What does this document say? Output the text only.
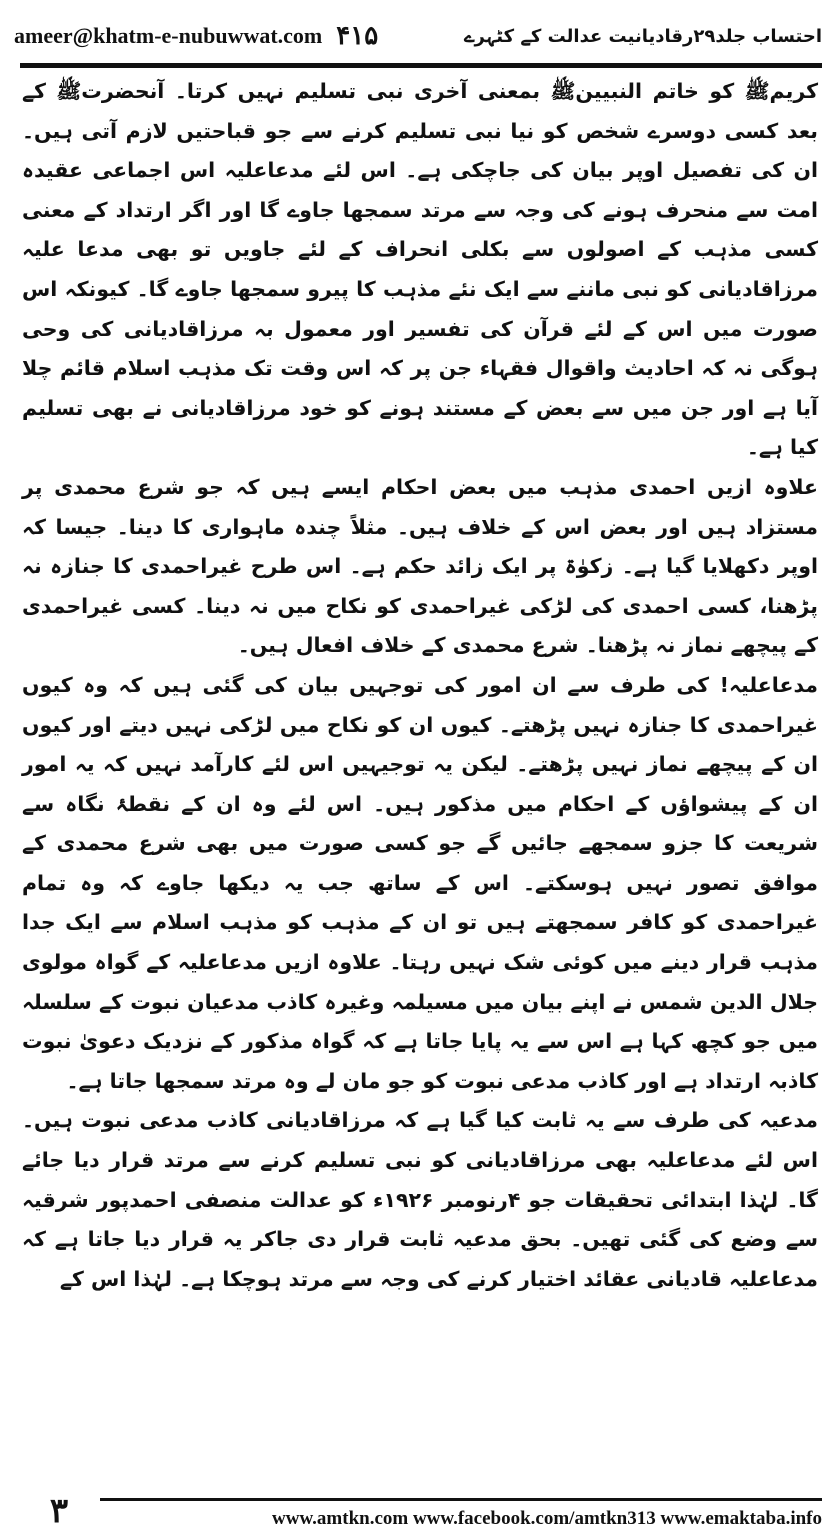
ameer@khatm-e-nubuwwat.com ۴۱۵	احتساب جلد۲۹رقادیانیت عدالت کے کٹہرے

کریمﷺ کو خاتم النبیینﷺ بمعنی آخری نبی تسلیم نہیں کرتا۔ آنحضرتﷺ کے بعد کسی دوسرے شخص کو نیا نبی تسلیم کرنے سے جو قباحتیں لازم آتی ہیں۔ ان کی تفصیل اوپر بیان کی جاچکی ہے۔ اس لئے مدعاعلیہ اس اجماعی عقیدہ امت سے منحرف ہونے کی وجہ سے مرتد سمجھا جاوے گا اور اگر ارتداد کے معنی کسی مذہب کے اصولوں سے بکلی انحراف کے لئے جاویں تو بھی مدعا علیہ مرزاقادیانی کو نبی ماننے سے ایک نئے مذہب کا پیرو سمجھا جاوے گا۔ کیونکہ اس صورت میں اس کے لئے قرآن کی تفسیر اور معمول بہ مرزاقادیانی کی وحی ہوگی نہ کہ احادیث واقوال فقہاء جن پر کہ اس وقت تک مذہب اسلام قائم چلا آیا ہے اور جن میں سے بعض کے مستند ہونے کو خود مرزاقادیانی نے بھی تسلیم کیا ہے۔

علاوہ ازیں احمدی مذہب میں بعض احکام ایسے ہیں کہ جو شرع محمدی پر مستزاد ہیں اور بعض اس کے خلاف ہیں۔ مثلاً چندہ ماہواری کا دینا۔ جیسا کہ اوپر دکھلایا گیا ہے۔ زکوٰۃ پر ایک زائد حکم ہے۔ اس طرح غیراحمدی کا جنازہ نہ پڑھنا، کسی احمدی کی لڑکی غیراحمدی کو نکاح میں نہ دینا۔ کسی غیراحمدی کے پیچھے نماز نہ پڑھنا۔ شرع محمدی کے خلاف افعال ہیں۔

مدعاعلیہ! کی طرف سے ان امور کی توجہیں بیان کی گئی ہیں کہ وہ کیوں غیراحمدی کا جنازہ نہیں پڑھتے۔ کیوں ان کو نکاح میں لڑکی نہیں دیتے اور کیوں ان کے پیچھے نماز نہیں پڑھتے۔ لیکن یہ توجیہیں اس لئے کارآمد نہیں کہ یہ امور ان کے پیشواؤں کے احکام میں مذکور ہیں۔ اس لئے وہ ان کے نقطۂ نگاہ سے شریعت کا جزو سمجھے جائیں گے جو کسی صورت میں بھی شرع محمدی کے موافق تصور نہیں ہوسکتے۔ اس کے ساتھ جب یہ دیکھا جاوے کہ وہ تمام غیراحمدی کو کافر سمجھتے ہیں تو ان کے مذہب کو مذہب اسلام سے ایک جدا مذہب قرار دینے میں کوئی شک نہیں رہتا۔ علاوہ ازیں مدعاعلیہ کے گواہ مولوی جلال الدین شمس نے اپنے بیان میں مسیلمہ وغیرہ کاذب مدعیان نبوت کے سلسلہ میں جو کچھ کہا ہے اس سے یہ پایا جاتا ہے کہ گواہ مذکور کے نزدیک دعویٰ نبوت کاذبہ ارتداد ہے اور کاذب مدعی نبوت کو جو مان لے وہ مرتد سمجھا جاتا ہے۔

مدعیہ کی طرف سے یہ ثابت کیا گیا ہے کہ مرزاقادیانی کاذب مدعی نبوت ہیں۔ اس لئے مدعاعلیہ بھی مرزاقادیانی کو نبی تسلیم کرنے سے مرتد قرار دیا جائے گا۔ لہٰذا ابتدائی تحقیقات جو ۴رنومبر ۱۹۲۶ء کو عدالت منصفی احمدپور شرقیہ سے وضع کی گئی تھیں۔ بحق مدعیہ ثابت قرار دی جاکر یہ قرار دیا جاتا ہے کہ مدعاعلیہ قادیانی عقائد اختیار کرنے کی وجہ سے مرتد ہوچکا ہے۔ لہٰذا اس کے

۳	www.amtkn.com www.facebook.com/amtkn313 www.emaktaba.info
